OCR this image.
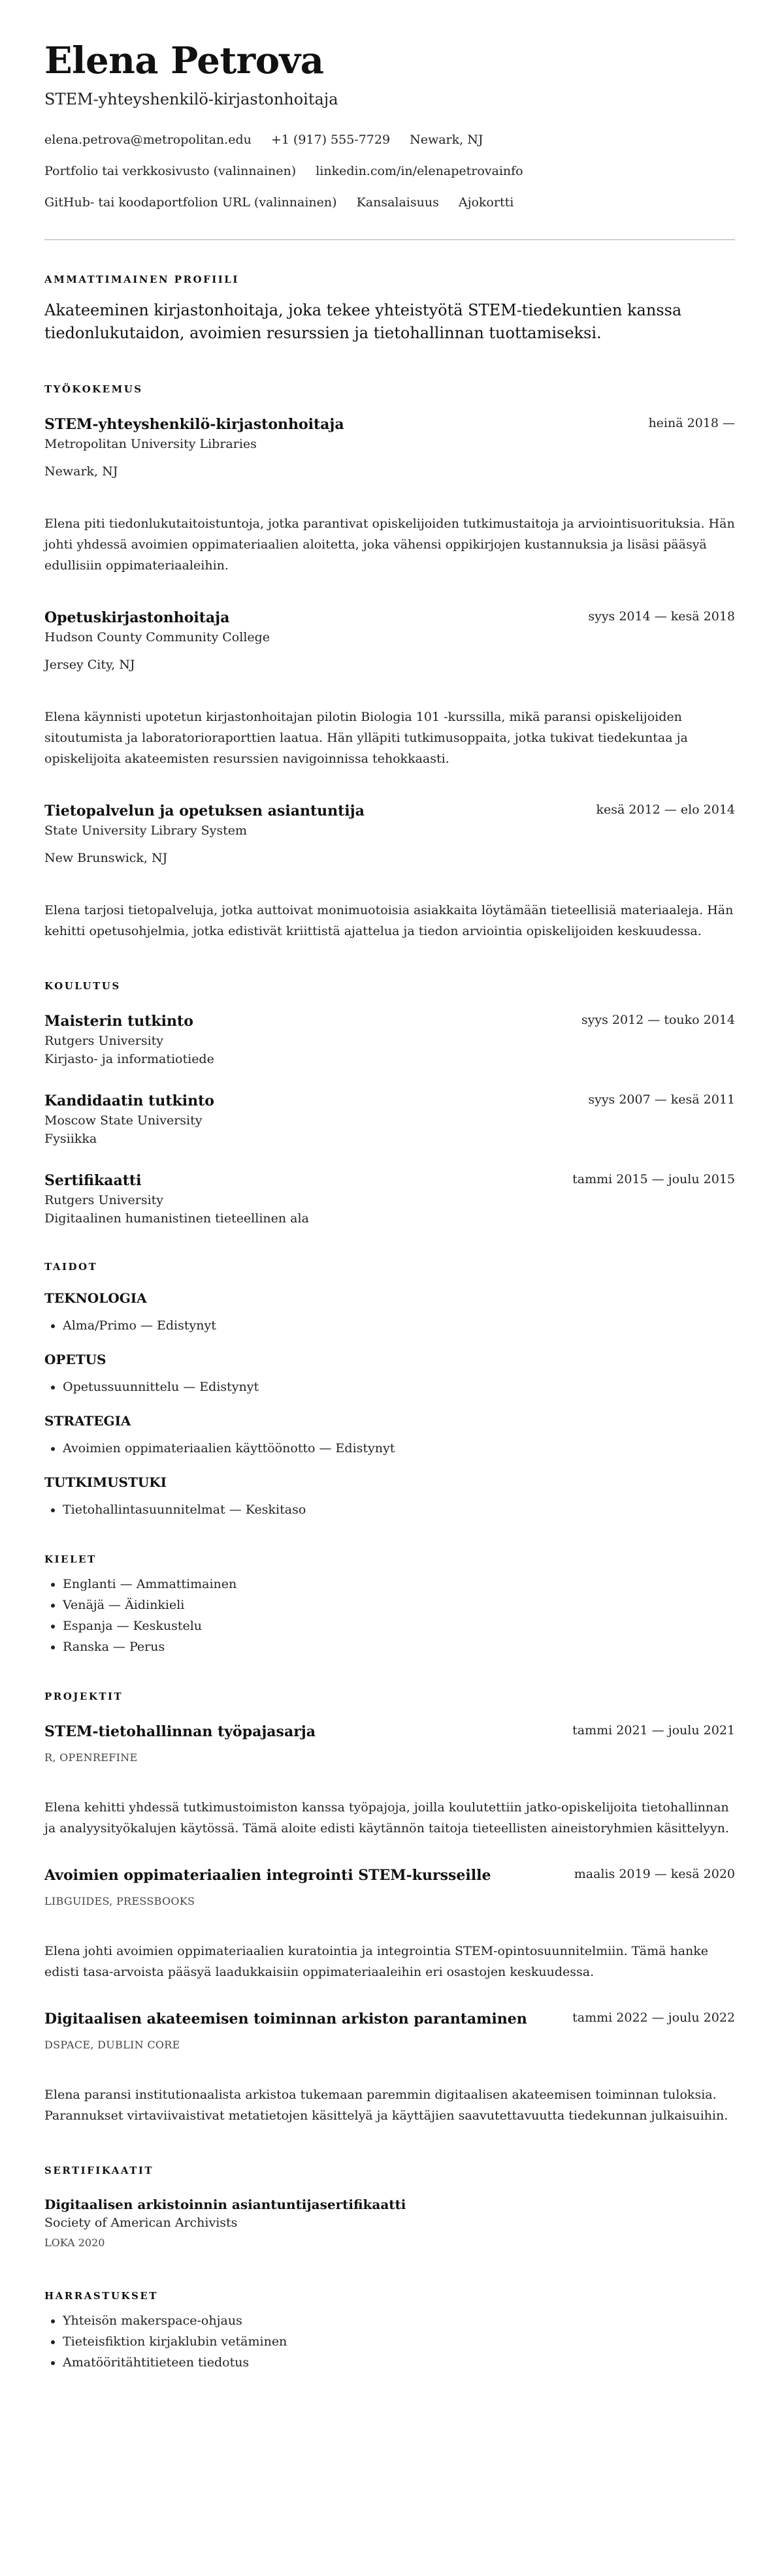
Elena Petrova
STEM-yhteyshenkilö-kirjastonhoitaja
elena.petrova@metropolitan.edu +1 (917) 555-7729 Newark, NJ
Portfolio tai verkkosivusto (valinnainen) linkedin.com/in/elenapetrovainfo
GitHub- tai koodaportfolion URL (valinnainen) Kansalaisuus Ajokortti
AMMATTIMAINEN PROFIILI
Akateeminen kirjastonhoitaja, joka tekee yhteistyötä STEM-tiedekuntien kanssa tiedonlukutaidon, avoimien resurssien ja tietohallinnan tuottamiseksi.
TYÖKOKEMUS
STEM-yhteyshenkilö-kirjastonhoitaja	heinä 2018 —
Metropolitan University Libraries
Newark, NJ
Elena piti tiedonlukutaitoistuntoja, jotka parantivat opiskelijoiden tutkimustaitoja ja arviointisuorituksia. Hän johti yhdessä avoimien oppimateriaalien aloitetta, joka vähensi oppikirjojen kustannuksia ja lisäsi pääsyä edullisiin oppimateriaaleihin.
Opetuskirjastonhoitaja	syys 2014 — kesä 2018
Hudson County Community College
Jersey City, NJ
Elena käynnisti upotetun kirjastonhoitajan pilotin Biologia 101 -kurssilla, mikä paransi opiskelijoiden sitoutumista ja laboratorioraporttien laatua. Hän ylläpiti tutkimusoppaita, jotka tukivat tiedekuntaa ja opiskelijoita akateemisten resurssien navigoinnissa tehokkaasti.
Tietopalvelun ja opetuksen asiantuntija	kesä 2012 — elo 2014
State University Library System
New Brunswick, NJ
Elena tarjosi tietopalveluja, jotka auttoivat monimuotoisia asiakkaita löytämään tieteellisiä materiaaleja. Hän kehitti opetusohjelmia, jotka edistivät kriittistä ajattelua ja tiedon arviointia opiskelijoiden keskuudessa.
KOULUTUS
Maisterin tutkinto	syys 2012 — touko 2014
Rutgers University
Kirjasto- ja informatiotiede
Kandidaatin tutkinto	syys 2007 — kesä 2011
Moscow State University
Fysiikka
Sertifikaatti	tammi 2015 — joulu 2015
Rutgers University
Digitaalinen humanistinen tieteellinen ala
TAIDOT
TEKNOLOGIA
• Alma/Primo — Edistynyt
OPETUS
• Opetussuunnittelu — Edistynyt
STRATEGIA
• Avoimien oppimateriaalien käyttöönotto — Edistynyt
TUTKIMUSTUKI
• Tietohallintasuunnitelmat — Keskitaso
KIELET
• Englanti — Ammattimainen
• Venäjä — Äidinkieli
• Espanja — Keskustelu
• Ranska — Perus
PROJEKTIT
STEM-tietohallinnan työpajasarja	tammi 2021 — joulu 2021
R, OPENREFINE
Elena kehitti yhdessä tutkimustoimiston kanssa työpajoja, joilla koulutettiin jatko-opiskelijoita tietohallinnan ja analyysityökalujen käytössä. Tämä aloite edisti käytännön taitoja tieteellisten aineistoryhmien käsittelyyn.
Avoimien oppimateriaalien integrointi STEM-kursseille	maalis 2019 — kesä 2020
LIBGUIDES, PRESSBOOKS
Elena johti avoimien oppimateriaalien kuratointia ja integrointia STEM-opintosuunnitelmiin. Tämä hanke edisti tasa-arvoista pääsyä laadukkaisiin oppimateriaaleihin eri osastojen keskuudessa.
Digitaalisen akateemisen toiminnan arkiston parantaminen	tammi 2022 — joulu 2022
DSPACE, DUBLIN CORE
Elena paransi institutionaalista arkistoa tukemaan paremmin digitaalisen akateemisen toiminnan tuloksia. Parannukset virtaviivaistivat metatietojen käsittelyä ja käyttäjien saavutettavuutta tiedekunnan julkaisuihin.
SERTIFIKAATIT
Digitaalisen arkistoinnin asiantuntijasertifikaatti
Society of American Archivists
LOKA 2020
HARRASTUKSET
• Yhteisön makerspace-ohjaus
• Tieteisfiktion kirjaklubin vetäminen
• Amatööritähtitieteen tiedotus
